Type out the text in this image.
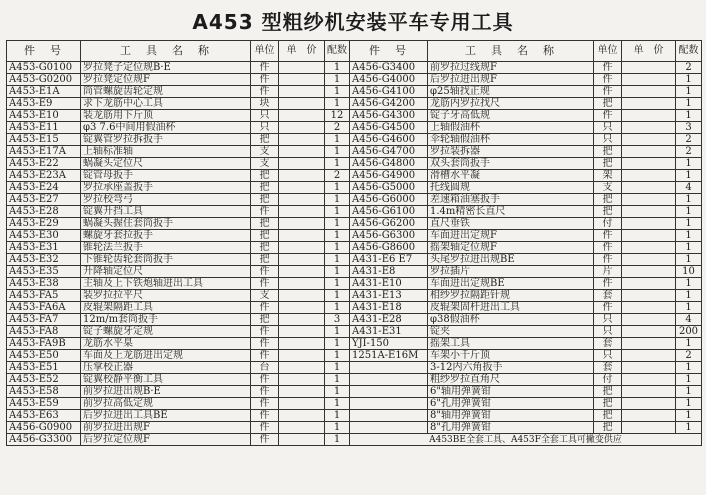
A453 型粗纱机安装平车专用工具
件　号	工　具　名　称	单位	单　价	配数	件　号	工　具　名　称	单位	单　价	配数
A453-G0100	罗拉凳子定位规B·E	件		1	A456-G3400	前罗拉过线规F	件		2
A453-G0200	罗拉凳定位规F	件		1	A456-G4000	后罗拉进出规F	件		1
A453-E1A	筒管螺旋齿轮定规	件		1	A456-G4100	φ25轴找正规	件		1
A453-E9	求下龙筋中心工具	块		1	A456-G4200	龙筋内罗拉找尺	把		1
A453-E10	装龙筋用下斤顶	只		12	A456-G4300	锭子牙高低规	件		1
A453-E11	φ3 7.6中间用假油杯	只		2	A456-G4500	上轴假油杯	只		3
A453-E15	锭翼管罗拉拆扳手	把		1	A456-G4600	伞轮轴假油杯	只		2
A453-E17A	上轴标准轴	支		1	A456-G4700	罗拉装拆器	把		2
A453-E22	蜗凝头定位尺	支		1	A456-G4800	双头套筒扳手	把		1
A453-E23A	锭管母扳手	把		2	A456-G4900	滑槽水平凝	架		1
A453-E24	罗拉承座盖扳手	把		1	A456-G5000	托线圆规	支		4
A453-E27	罗拉校弯弓	把		1	A456-G6000	差速箱油塞扳手	把		1
A453-E28	锭翼升挡工具	件		1	A456-G6100	1.4m精密长直尺	把		1
A453-E29	蜗凝头握住套筒扳手	把		1	A456-G6200	直尺垂铁	付		1
A453-E30	螺旋牙套拉扳手	把		1	A456-G6300	车面进出定规F	件		1
A453-E31	锥轮法兰扳手	把		1	A456-G8600	摇架轴定位规F	件		1
A453-E32	下锥轮齿轮套筒扳手	把		1	A431-E6 E7	头尾罗拉进出规BE	件		1
A453-E35	升降轴定位尺	件		1	A431-E8	罗拉插片	片		10
A453-E38	主轴及上下铁炮轴进出工具	件		1	A431-E10	车面进出定规BE	件		1
A453-FA5	装罗拉拉平尺	支		1	A431-E13	相纱罗拉隔距针规	套		1
A453-FA6A	皮辊架隔距工具	件		1	A431-E18	皮辊架固杆进出工具	件		1
A453-FA7	12m/m套筒扳手	把		3	A431-E28	φ38假油杯	只		4
A453-FA8	锭子螺旋牙定规	件		1	A431-E31	锭夹	只		200
A453-FA9B	龙筋水平臬	件		1	YJI-150	摇架工具	套		1
A453-E50	车面及上龙筋进出定规	件		1	1251A-E16M	车架小千斤顶	只		2
A453-E51	压掌校正器	台		1		3-12内六角扳手	套		1
A453-E52	锭翼校静平衡工具	件		1		粗纱罗拉直角尺	付		1
A453-E58	前罗拉进出规B·E	件		1		6"轴用弹簧钳	把		1
A453-E59	前罗拉高低定规	件		1		6"孔用弹簧钳	把		1
A453-E63	后罗拉进出工具BE	件		1		8"轴用弹簧钳	把		1
A456-G0900	前罗拉进出规F	件		1		8"孔用弹簧钳	把		1
A456-G3300	后罗拉定位规F	件		1	A453BE全套工具、A453F全套工具可撇变供应				
